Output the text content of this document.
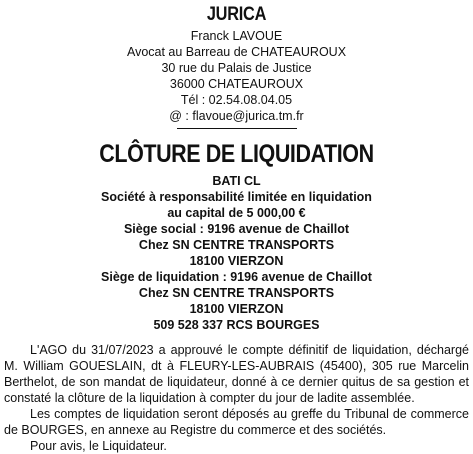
JURICA
Franck LAVOUE
Avocat au Barreau de CHATEAUROUX
30 rue du Palais de Justice
36000 CHATEAUROUX
Tél : 02.54.08.04.05
@ : flavoue@jurica.tm.fr
CLÔTURE DE LIQUIDATION
BATI CL
Société à responsabilité limitée en liquidation
au capital de 5 000,00 €
Siège social : 9196 avenue de Chaillot
Chez SN CENTRE TRANSPORTS
18100 VIERZON
Siège de liquidation : 9196 avenue de Chaillot
Chez SN CENTRE TRANSPORTS
18100 VIERZON
509 528 337 RCS BOURGES

L'AGO du 31/07/2023 a approuvé le compte définitif de liquidation, déchargé M. William GOUESLAIN, dt à FLEURY-LES-AUBRAIS (45400), 305 rue Marcelin Berthelot, de son mandat de liquidateur, donné à ce dernier quitus de sa gestion et constaté la clôture de la liquidation à compter du jour de ladite assemblée.

Les comptes de liquidation seront déposés au greffe du Tribunal de commerce de BOURGES, en annexe au Registre du commerce et des sociétés.

Pour avis, le Liquidateur.
